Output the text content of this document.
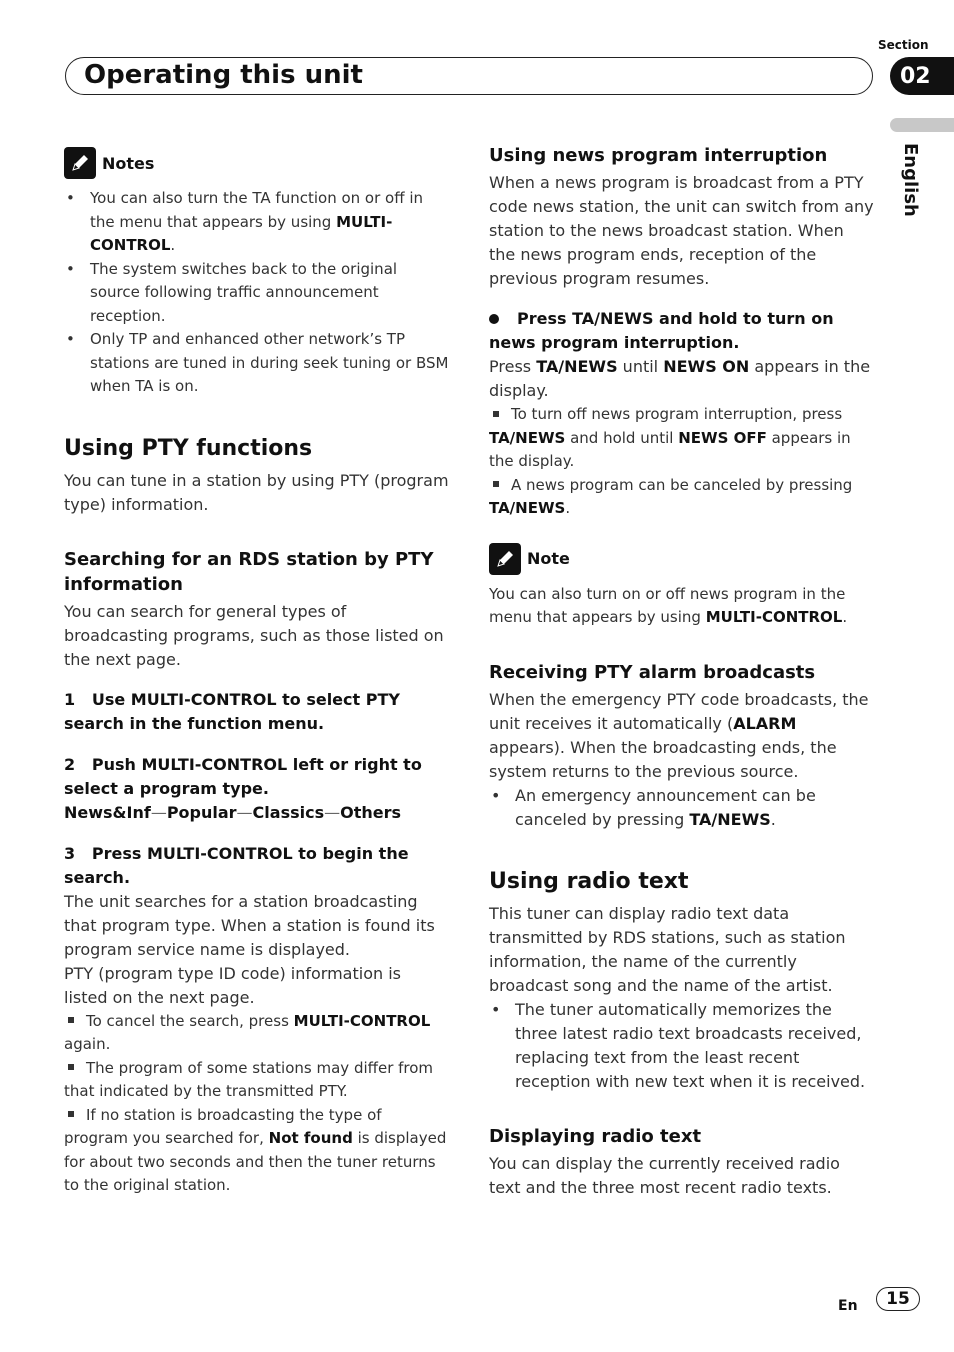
Section
Operating this unit	02
English
Notes
• You can also turn the TA function on or off in the menu that appears by using MULTI-CONTROL.
• The system switches back to the original source following traffic announcement reception.
• Only TP and enhanced other network’s TP stations are tuned in during seek tuning or BSM when TA is on.
Using PTY functions
You can tune in a station by using PTY (program type) information.
Searching for an RDS station by PTY information
You can search for general types of broadcasting programs, such as those listed on the next page.
1 Use MULTI-CONTROL to select PTY search in the function menu.
2 Push MULTI-CONTROL left or right to select a program type.
News&Inf—Popular—Classics—Others
3 Press MULTI-CONTROL to begin the search.
The unit searches for a station broadcasting that program type. When a station is found its program service name is displayed.
PTY (program type ID code) information is listed on the next page.
To cancel the search, press MULTI-CONTROL again.
The program of some stations may differ from that indicated by the transmitted PTY.
If no station is broadcasting the type of program you searched for, Not found is displayed for about two seconds and then the tuner returns to the original station.
Using news program interruption
When a news program is broadcast from a PTY code news station, the unit can switch from any station to the news broadcast station. When the news program ends, reception of the previous program resumes.
Press TA/NEWS and hold to turn on news program interruption.
Press TA/NEWS until NEWS ON appears in the display.
To turn off news program interruption, press TA/NEWS and hold until NEWS OFF appears in the display.
A news program can be canceled by pressing TA/NEWS.
Note
You can also turn on or off news program in the menu that appears by using MULTI-CONTROL.
Receiving PTY alarm broadcasts
When the emergency PTY code broadcasts, the unit receives it automatically (ALARM appears). When the broadcasting ends, the system returns to the previous source.
• An emergency announcement can be canceled by pressing TA/NEWS.
Using radio text
This tuner can display radio text data transmitted by RDS stations, such as station information, the name of the currently broadcast song and the name of the artist.
• The tuner automatically memorizes the three latest radio text broadcasts received, replacing text from the least recent reception with new text when it is received.
Displaying radio text
You can display the currently received radio text and the three most recent radio texts.
En	15
